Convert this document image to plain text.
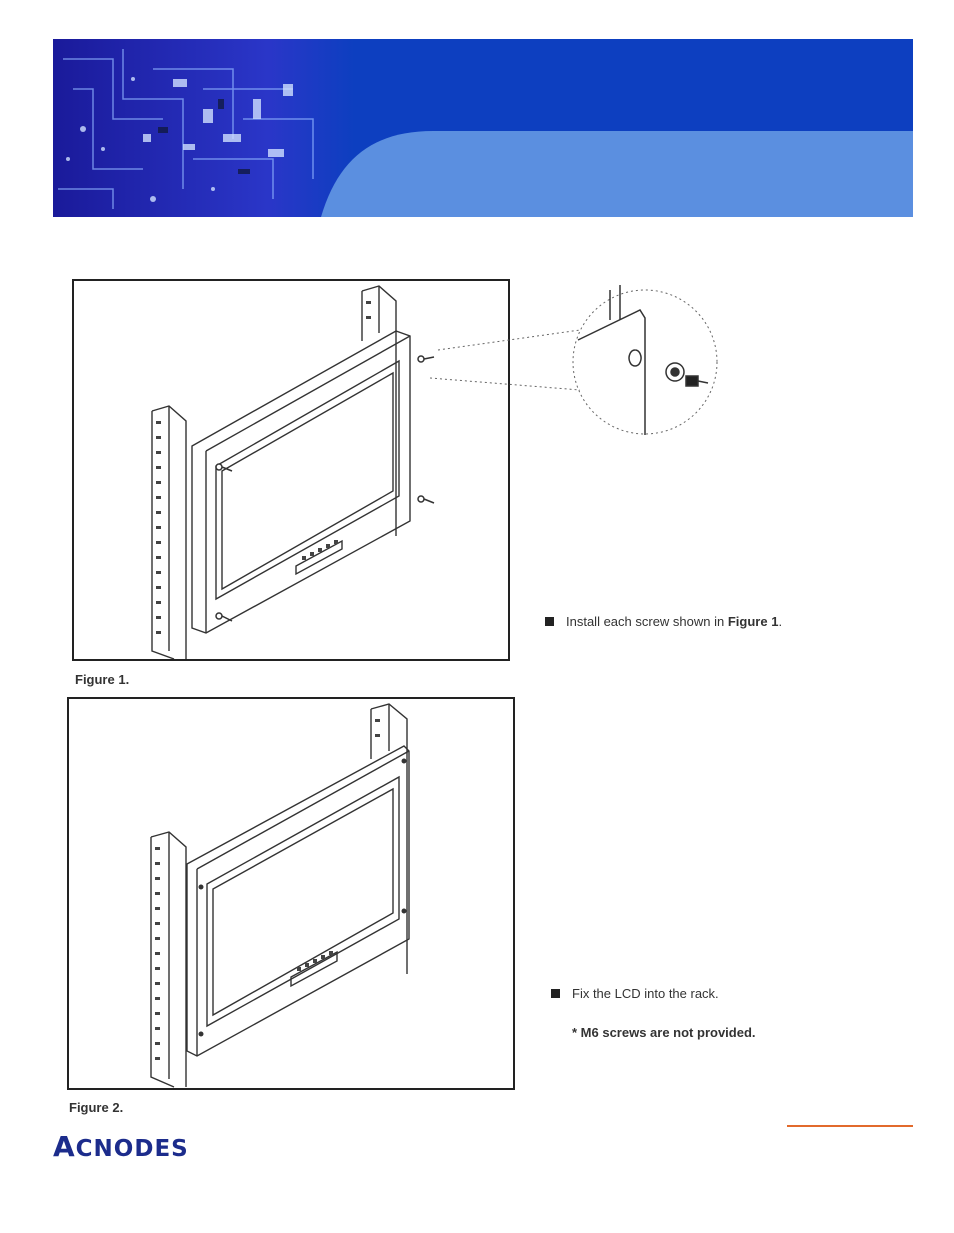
Figure 1.
Install each screw shown in Figure 1.
Figure 2.
Fix the LCD into the rack.
* M6 screws are not provided.
ACNODES
